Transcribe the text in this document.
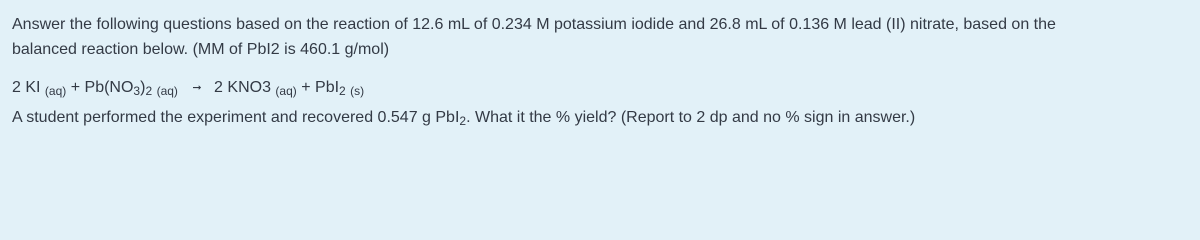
Answer the following questions based on the reaction of 12.6 mL of 0.234 M potassium iodide and 26.8 mL of 0.136 M lead (II) nitrate, based on the
balanced reaction below. (MM of PbI2 is 460.1 g/mol)
2 KI $_{(aq)} + Pb(NO_3)_2$ $_{(aq)}$ ➞ 2 KNO3 $_{(aq)}$ + PbI$_2$ $_{(s)}$
A student performed the experiment and recovered 0.547 g PbI$_2$. What it the % yield? (Report to 2 dp and no % sign in answer.)
